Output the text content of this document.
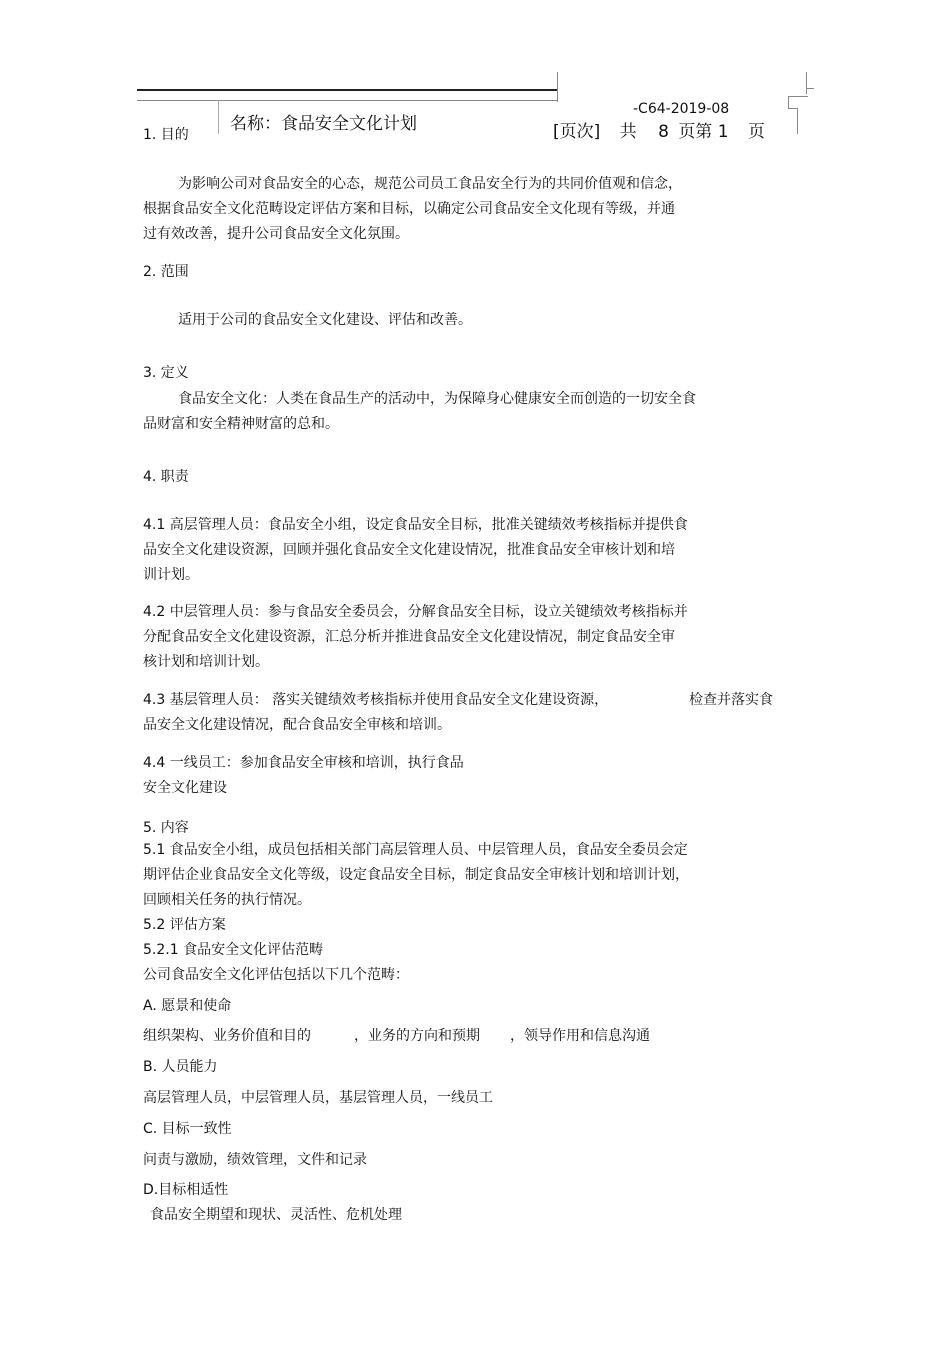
名称：食品安全文化计划
-C64-2019-08
[页次] 共 8 页第 1 页
1. 目的
为影响公司对食品安全的心态，规范公司员工食品安全行为的共同价值观和信念，
根据食品安全文化范畴设定评估方案和目标，以确定公司食品安全文化现有等级，并通
过有效改善，提升公司食品安全文化氛围。
2. 范围
适用于公司的食品安全文化建设、评估和改善。
3. 定义
食品安全文化：人类在食品生产的活动中，为保障身心健康安全而创造的一切安全食
品财富和安全精神财富的总和。
4. 职责
4.1 高层管理人员：食品安全小组，设定食品安全目标，批准关键绩效考核指标并提供食
品安全文化建设资源，回顾并强化食品安全文化建设情况，批准食品安全审核计划和培
训计划。
4.2 中层管理人员：参与食品安全委员会，分解食品安全目标，设立关键绩效考核指标并
分配食品安全文化建设资源，汇总分析并推进食品安全文化建设情况，制定食品安全审
核计划和培训计划。
4.3 基层管理人员： 落实关键绩效考核指标并使用食品安全文化建设资源，	检查并落实食
品安全文化建设情况，配合食品安全审核和培训。
4.4 一线员工：参加食品安全审核和培训，执行食品
安全文化建设
5. 内容
5.1 食品安全小组，成员包括相关部门高层管理人员、中层管理人员，食品安全委员会定
期评估企业食品安全文化等级，设定食品安全目标，制定食品安全审核计划和培训计划，
回顾相关任务的执行情况。
5.2 评估方案
5.2.1 食品安全文化评估范畴
公司食品安全文化评估包括以下几个范畴：
A. 愿景和使命
组织架构、业务价值和目的	，业务的方向和预期 ，领导作用和信息沟通
B. 人员能力
高层管理人员，中层管理人员，基层管理人员，一线员工
C. 目标一致性
问责与激励，绩效管理，文件和记录
D.目标相适性
食品安全期望和现状、灵活性、危机处理
